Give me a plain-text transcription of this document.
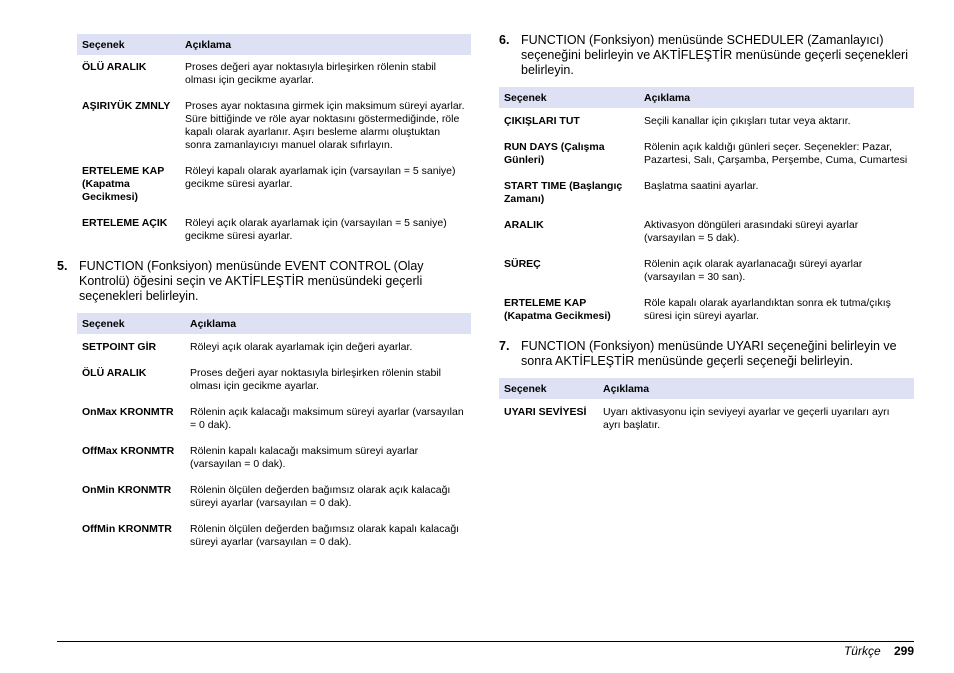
Seçenek	Açıklama
ÖLÜ ARALIK	Proses değeri ayar noktasıyla birleşirken rölenin stabil olması için gecikme ayarlar.
AŞIRIYÜK ZMNLY	Proses ayar noktasına girmek için maksimum süreyi ayarlar. Süre bittiğinde ve röle ayar noktasını göstermediğinde, röle kapalı olarak ayarlanır. Aşırı besleme alarmı oluştuktan sonra zamanlayıcıyı manuel olarak sıfırlayın.
ERTELEME KAP (Kapatma Gecikmesi)	Röleyi kapalı olarak ayarlamak için (varsayılan = 5 saniye) gecikme süresi ayarlar.
ERTELEME AÇIK	Röleyi açık olarak ayarlamak için (varsayılan = 5 saniye) gecikme süresi ayarlar.
5. FUNCTION (Fonksiyon) menüsünde EVENT CONTROL (Olay Kontrolü) öğesini seçin ve AKTİFLEŞTİR menüsündeki geçerli seçenekleri belirleyin.
Seçenek	Açıklama
SETPOINT GİR	Röleyi açık olarak ayarlamak için değeri ayarlar.
ÖLÜ ARALIK	Proses değeri ayar noktasıyla birleşirken rölenin stabil olması için gecikme ayarlar.
OnMax KRONMTR	Rölenin açık kalacağı maksimum süreyi ayarlar (varsayılan = 0 dak).
OffMax KRONMTR	Rölenin kapalı kalacağı maksimum süreyi ayarlar (varsayılan = 0 dak).
OnMin KRONMTR	Rölenin ölçülen değerden bağımsız olarak açık kalacağı süreyi ayarlar (varsayılan = 0 dak).
OffMin KRONMTR	Rölenin ölçülen değerden bağımsız olarak kapalı kalacağı süreyi ayarlar (varsayılan = 0 dak).
6. FUNCTION (Fonksiyon) menüsünde SCHEDULER (Zamanlayıcı) seçeneğini belirleyin ve AKTİFLEŞTİR menüsünde geçerli seçenekleri belirleyin.
Seçenek	Açıklama
ÇIKIŞLARI TUT	Seçili kanallar için çıkışları tutar veya aktarır.
RUN DAYS (Çalışma Günleri)	Rölenin açık kaldığı günleri seçer. Seçenekler: Pazar, Pazartesi, Salı, Çarşamba, Perşembe, Cuma, Cumartesi
START TIME (Başlangıç Zamanı)	Başlatma saatini ayarlar.
ARALIK	Aktivasyon döngüleri arasındaki süreyi ayarlar (varsayılan = 5 dak).
SÜREÇ	Rölenin açık olarak ayarlanacağı süreyi ayarlar (varsayılan = 30 san).
ERTELEME KAP (Kapatma Gecikmesi)	Röle kapalı olarak ayarlandıktan sonra ek tutma/çıkış süresi için süreyi ayarlar.
7. FUNCTION (Fonksiyon) menüsünde UYARI seçeneğini belirleyin ve sonra AKTİFLEŞTİR menüsünde geçerli seçeneği belirleyin.
Seçenek	Açıklama
UYARI SEVİYESİ	Uyarı aktivasyonu için seviyeyi ayarlar ve geçerli uyarıları ayrı ayrı başlatır.
Türkçe 299
